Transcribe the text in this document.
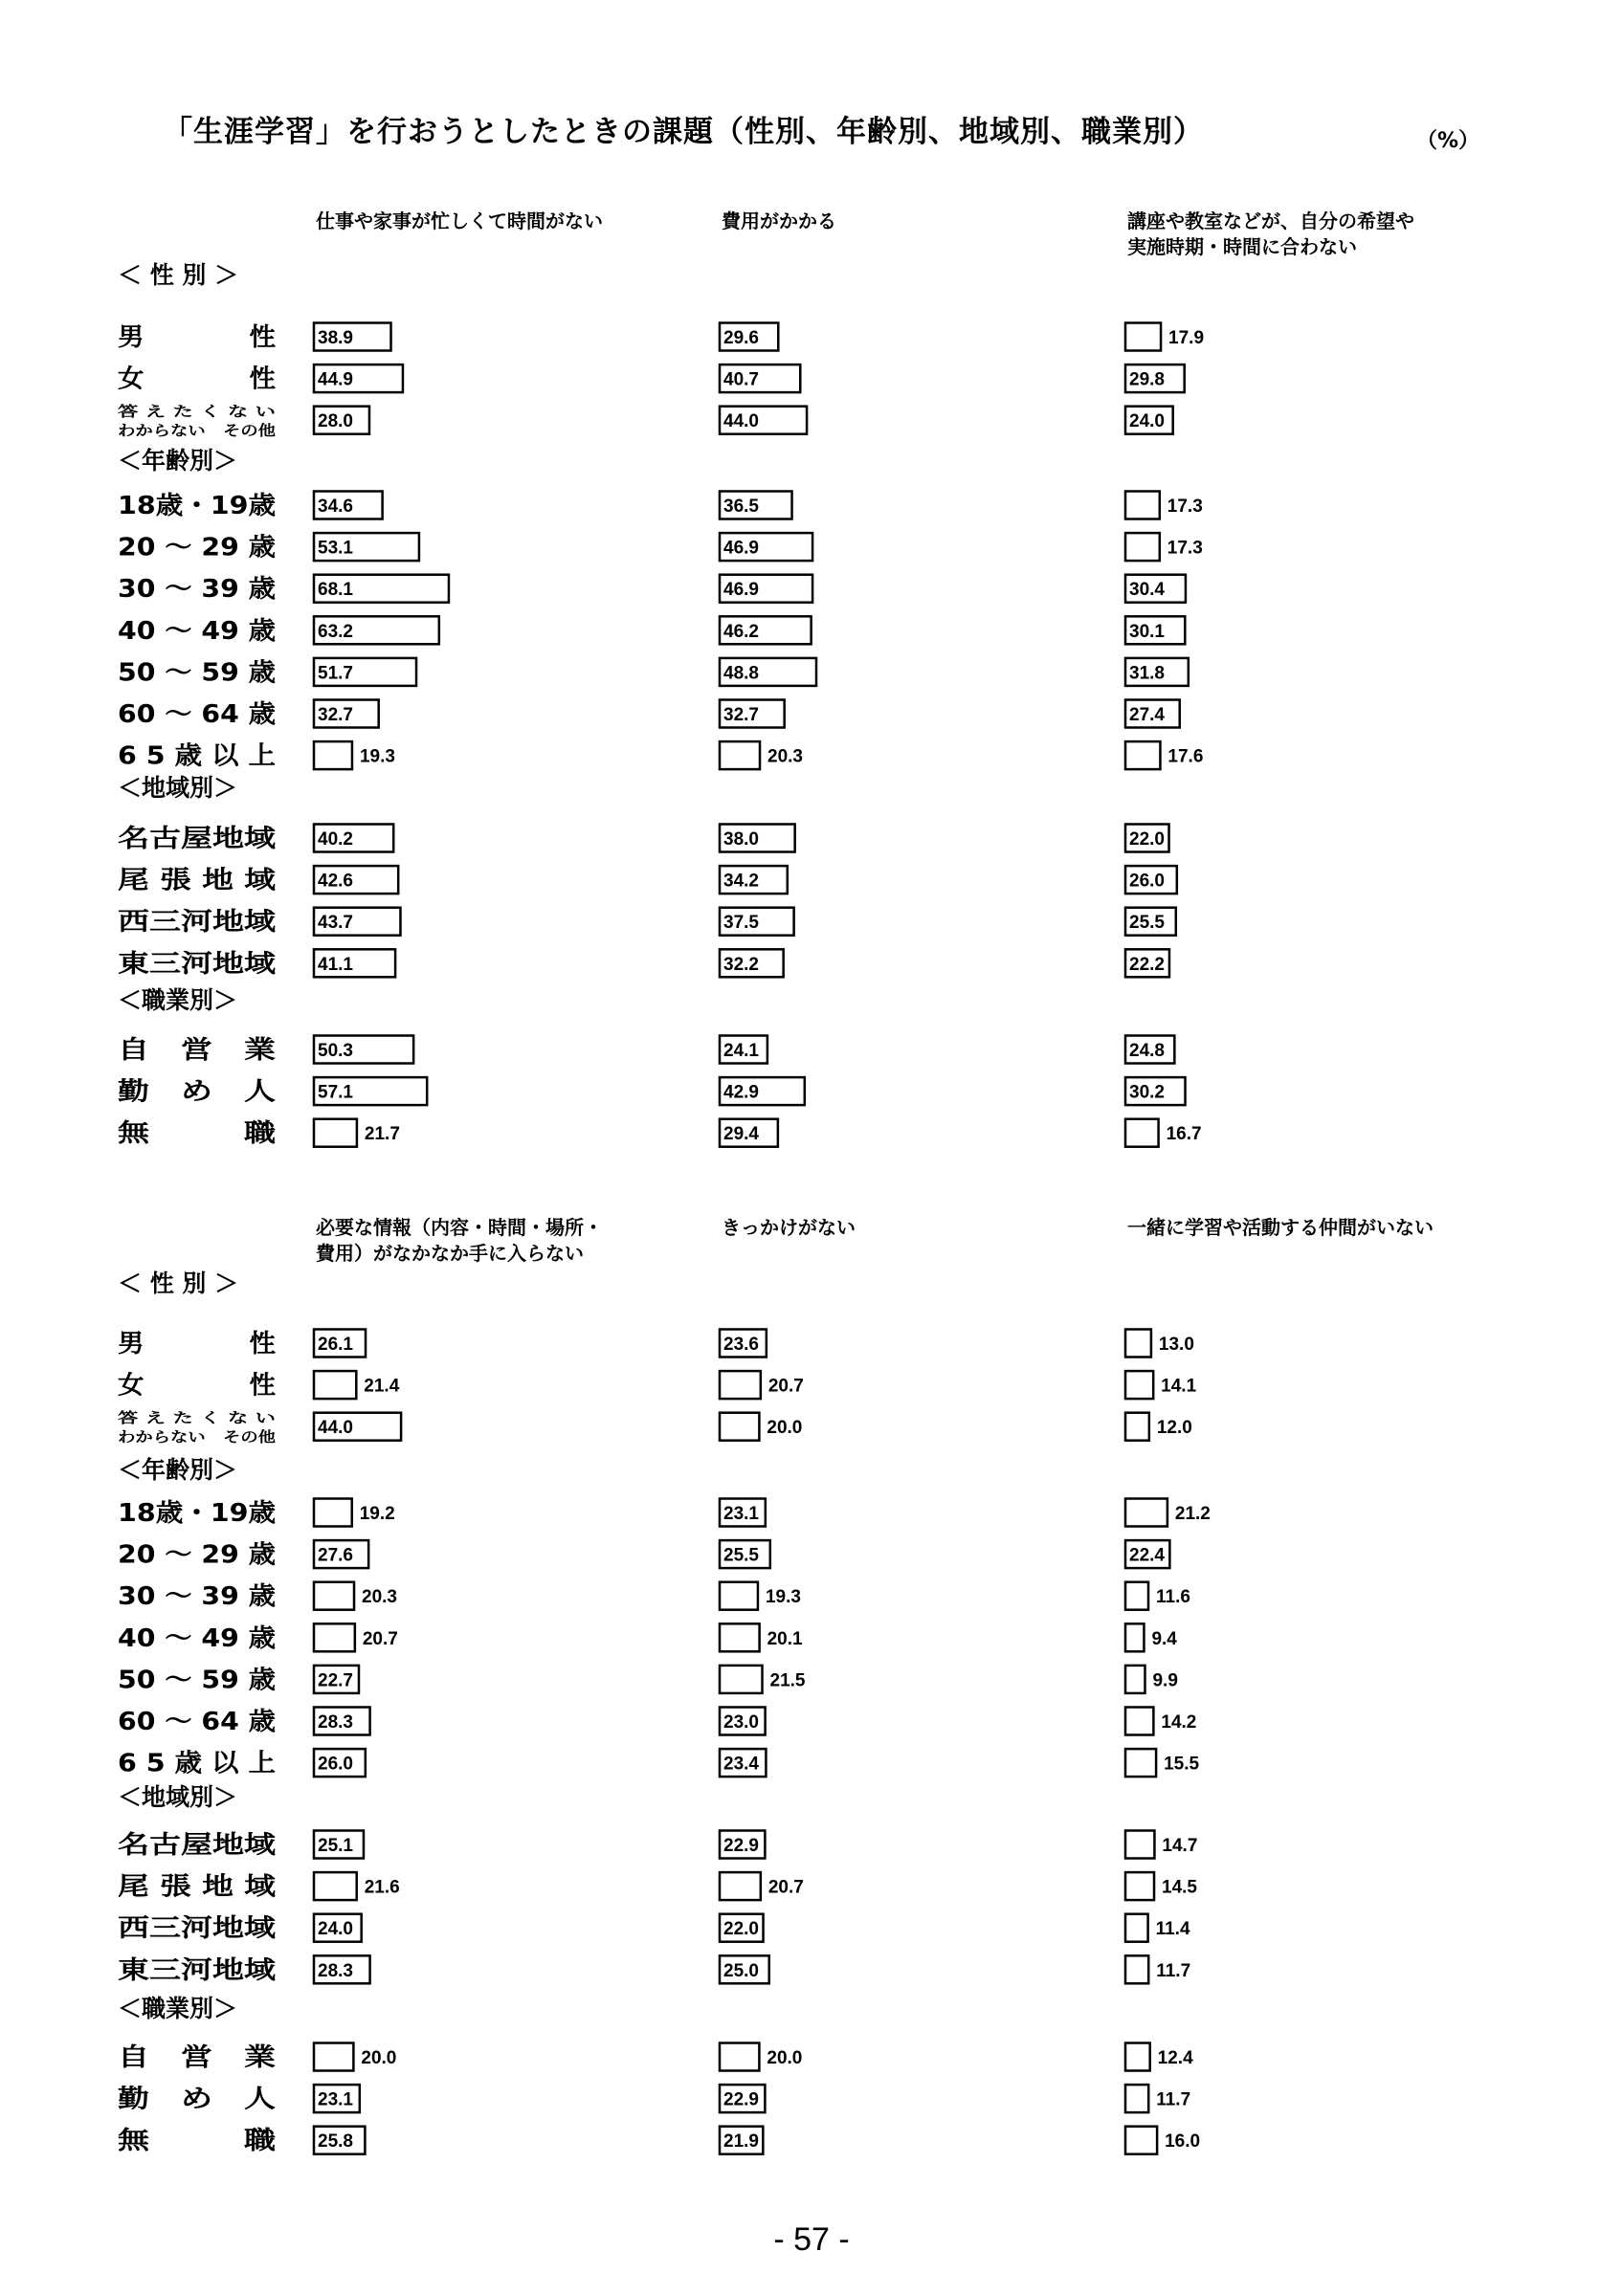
「生涯学習」を行おうとしたときの課題（性別、年齢別、地域別、職業別）	（%）
仕事や家事が忙しくて時間がない	費用がかかる	講座や教室などが、自分の希望や
実施時期・時間に合わない
＜ 性 別 ＞
男　　　　性 38.9	29.6	17.9
女　　　　性 44.9	40.7	29.8
答 え た く な い
わからない　その他 28.0	44.0	24.0
＜年齢別＞
18歳・19歳 34.6	36.5	17.3
20 ～ 29 歳 53.1	46.9	17.3
30 ～ 39 歳 68.1	46.9	30.4
40 ～ 49 歳 63.2	46.2	30.1
50 ～ 59 歳 51.7	48.8	31.8
60 ～ 64 歳 32.7	32.7	27.4
6 5 歳 以 上	19.3	20.3	17.6
＜地域別＞
名古屋地域 40.2	38.0	22.0
尾 張 地 域 42.6	34.2	26.0
西三河地域 43.7	37.5	25.5
東三河地域 41.1	32.2	22.2
＜職業別＞
自　営　業 50.3	24.1	24.8
勤　め　人 57.1	42.9	30.2
無　　　職	21.7	29.4	16.7
必要な情報（内容・時間・場所・
費用）がなかなか手に入らない
きっかけがない	一緒に学習や活動する仲間がいない
＜ 性 別 ＞
男　　　　性 26.1	23.6	13.0
女　　　　性	21.4	20.7	14.1
答 え た く な い
わからない　その他 44.0	20.0	12.0
＜年齢別＞
18歳・19歳	19.2	23.1	21.2
20 ～ 29 歳 27.6	25.5	22.4
30 ～ 39 歳	20.3	19.3	11.6
40 ～ 49 歳	20.7	20.1	9.4
50 ～ 59 歳 22.7	21.5	9.9
60 ～ 64 歳 28.3	23.0	14.2
6 5 歳 以 上 26.0	23.4	15.5
＜地域別＞
名古屋地域 25.1	22.9	14.7
尾 張 地 域	21.6	20.7	14.5
西三河地域 24.0	22.0	11.4
東三河地域 28.3	25.0	11.7
＜職業別＞
自　営　業	20.0	20.0	12.4
勤　め　人 23.1	22.9	11.7
無　　　職	25.8	21.9	16.0
- 57 -
